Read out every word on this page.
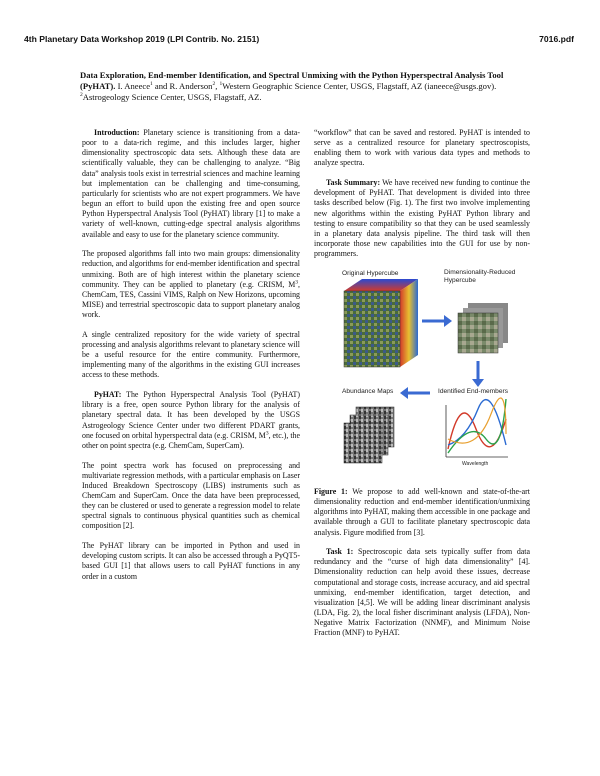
4th Planetary Data Workshop 2019 (LPI Contrib. No. 2151)	7016.pdf
Data Exploration, End-member Identification, and Spectral Unmixing with the Python Hyperspectral Analysis Tool (PyHAT). I. Aneece$^1$ and R. Anderson$^2$, $^1$Western Geographic Science Center, USGS, Flagstaff, AZ (ianeece@usgs.gov). $^2$Astrogeology Science Center, USGS, Flagstaff, AZ.

Introduction: Planetary science is transitioning from a data-poor to a data-rich regime, and this includes larger, higher dimensionality spectroscopic data sets. Although these data are scientifically valuable, they can be challenging to analyze. “Big data” analysis tools exist in terrestrial sciences and machine learning but implementation can be challenging and time-consuming, particularly for scientists who are not expert programmers. We have begun an effort to build upon the existing free and open source Python Hyperspectral Analysis Tool (PyHAT) library [1] to make a variety of well-known, cutting-edge spectral analysis algorithms available and easy to use for the planetary science community.

The proposed algorithms fall into two main groups: dimensionality reduction, and algorithms for end-member identification and spectral unmixing. Both are of high interest within the planetary science community. They can be applied to planetary (e.g. CRISM, $M^3$, ChemCam, TES, Cassini VIMS, Ralph on New Horizons, upcoming MISE) and terrestrial spectroscopic data to support planetary analog work.

A single centralized repository for the wide variety of spectral processing and analysis algorithms relevant to planetary science will be a useful resource for the entire community. Furthermore, implementing many of the algorithms in the existing GUI increases access to these methods.

PyHAT: The Python Hyperspectral Analysis Tool (PyHAT) library is a free, open source Python library for the analysis of planetary spectral data. It has been developed by the USGS Astrogeology Science Center under two different PDART grants, one focused on orbital hyperspectral data (e.g. CRISM, $M^3$, etc.), the other on point spectra (e.g. ChemCam, SuperCam).

The point spectra work has focused on preprocessing and multivariate regression methods, with a particular emphasis on Laser Induced Breakdown Spectroscopy (LIBS) instruments such as ChemCam and SuperCam. Once the data have been preprocessed, they can be clustered or used to generate a regression model to relate spectral signals to continuous physical quantities such as chemical composition [2].

The PyHAT library can be imported in Python and used in developing custom scripts. It can also be accessed through a PyQT5-based GUI [1] that allows users to call PyHAT functions in any order in a custom

“workflow” that can be saved and restored. PyHAT is intended to serve as a centralized resource for planetary spectroscopists, enabling them to work with various data types and methods to analyze spectra.

Task Summary: We have received new funding to continue the development of PyHAT. That development is divided into three tasks described below (Fig. 1). The first two involve implementing new algorithms within the existing PyHAT Python library and testing to ensure compatibility so that they can be used seamlessly in a planetary data analysis pipeline. The third task will then incorporate those new capabilities into the GUI for use by non-programmers.

Original Hypercube	Dimensionality-Reduced Hypercube
Abundance Maps	Identified End-members
Wavelength

Figure 1: We propose to add well-known and state-of-the-art dimensionality reduction and end-member identification/unmixing algorithms into PyHAT, making them accessible in one package and available through a GUI to facilitate planetary spectroscopic data analysis. Figure modified from [3].

Task 1: Spectroscopic data sets typically suffer from data redundancy and the “curse of high data dimensionality” [4]. Dimensionality reduction can help avoid these issues, decrease computational and storage costs, increase accuracy, and aid spectral unmixing, end-member identification, target detection, and visualization [4,5]. We will be adding linear discriminant analysis (LDA, Fig. 2), the local fisher discriminant analysis (LFDA), Non-Negative Matrix Factorization (NNMF), and Minimum Noise Fraction (MNF) to PyHAT.
